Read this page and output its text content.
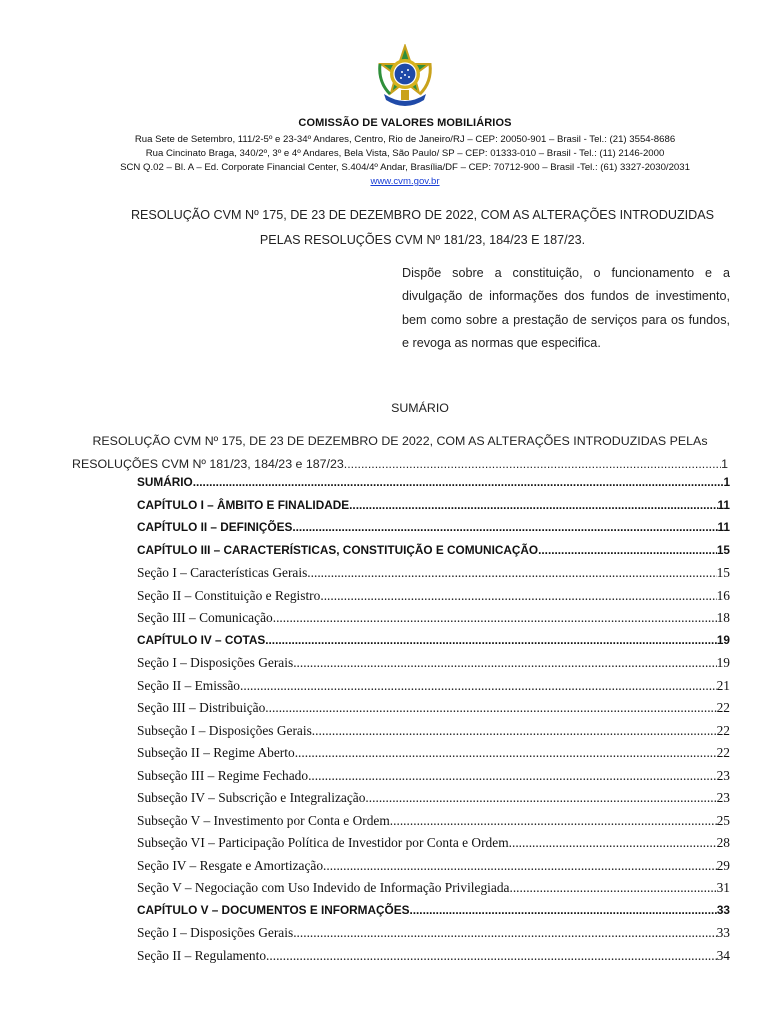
COMISSÃO DE VALORES MOBILIÁRIOS
Rua Sete de Setembro, 111/2-5º e 23-34º Andares, Centro, Rio de Janeiro/RJ – CEP: 20050-901 – Brasil - Tel.: (21) 3554-8686
Rua Cincinato Braga, 340/2º, 3º e 4º Andares, Bela Vista, São Paulo/ SP – CEP: 01333-010 – Brasil - Tel.: (11) 2146-2000
SCN Q.02 – Bl. A – Ed. Corporate Financial Center, S.404/4º Andar, Brasília/DF – CEP: 70712-900 – Brasil -Tel.: (61) 3327-2030/2031
www.cvm.gov.br
RESOLUÇÃO CVM Nº 175, DE 23 DE DEZEMBRO DE 2022, COM AS ALTERAÇÕES INTRODUZIDAS
PELAS RESOLUÇÕES CVM Nº 181/23, 184/23 E 187/23.
Dispõe sobre a constituição, o funcionamento e a divulgação de informações dos fundos de investimento, bem como sobre a prestação de serviços para os fundos, e revoga as normas que especifica.
SUMÁRIO
RESOLUÇÃO CVM Nº 175, DE 23 DE DEZEMBRO DE 2022, COM AS ALTERAÇÕES INTRODUZIDAS PELAs
RESOLUÇÕES CVM Nº 181/23, 184/23 e 187/23. .....	1
SUMÁRIO .....	1
CAPÍTULO I – ÂMBITO E FINALIDADE .....	11
CAPÍTULO II – DEFINIÇÕES .....	11
CAPÍTULO III – CARACTERÍSTICAS, CONSTITUIÇÃO E COMUNICAÇÃO .....	15
Seção I – Características Gerais .....	15
Seção II – Constituição e Registro .....	16
Seção III – Comunicação .....	18
CAPÍTULO IV – COTAS .....	19
Seção I – Disposições Gerais .....	19
Seção II – Emissão .....	21
Seção III – Distribuição .....	22
Subseção I – Disposições Gerais .....	22
Subseção II – Regime Aberto .....	22
Subseção III – Regime Fechado .....	23
Subseção IV – Subscrição e Integralização .....	23
Subseção V – Investimento por Conta e Ordem .....	25
Subseção VI – Participação Política de Investidor por Conta e Ordem .....	28
Seção IV – Resgate e Amortização .....	29
Seção V – Negociação com Uso Indevido de Informação Privilegiada .....	31
CAPÍTULO V – DOCUMENTOS E INFORMAÇÕES .....	33
Seção I – Disposições Gerais .....	33
Seção II – Regulamento .....	34
